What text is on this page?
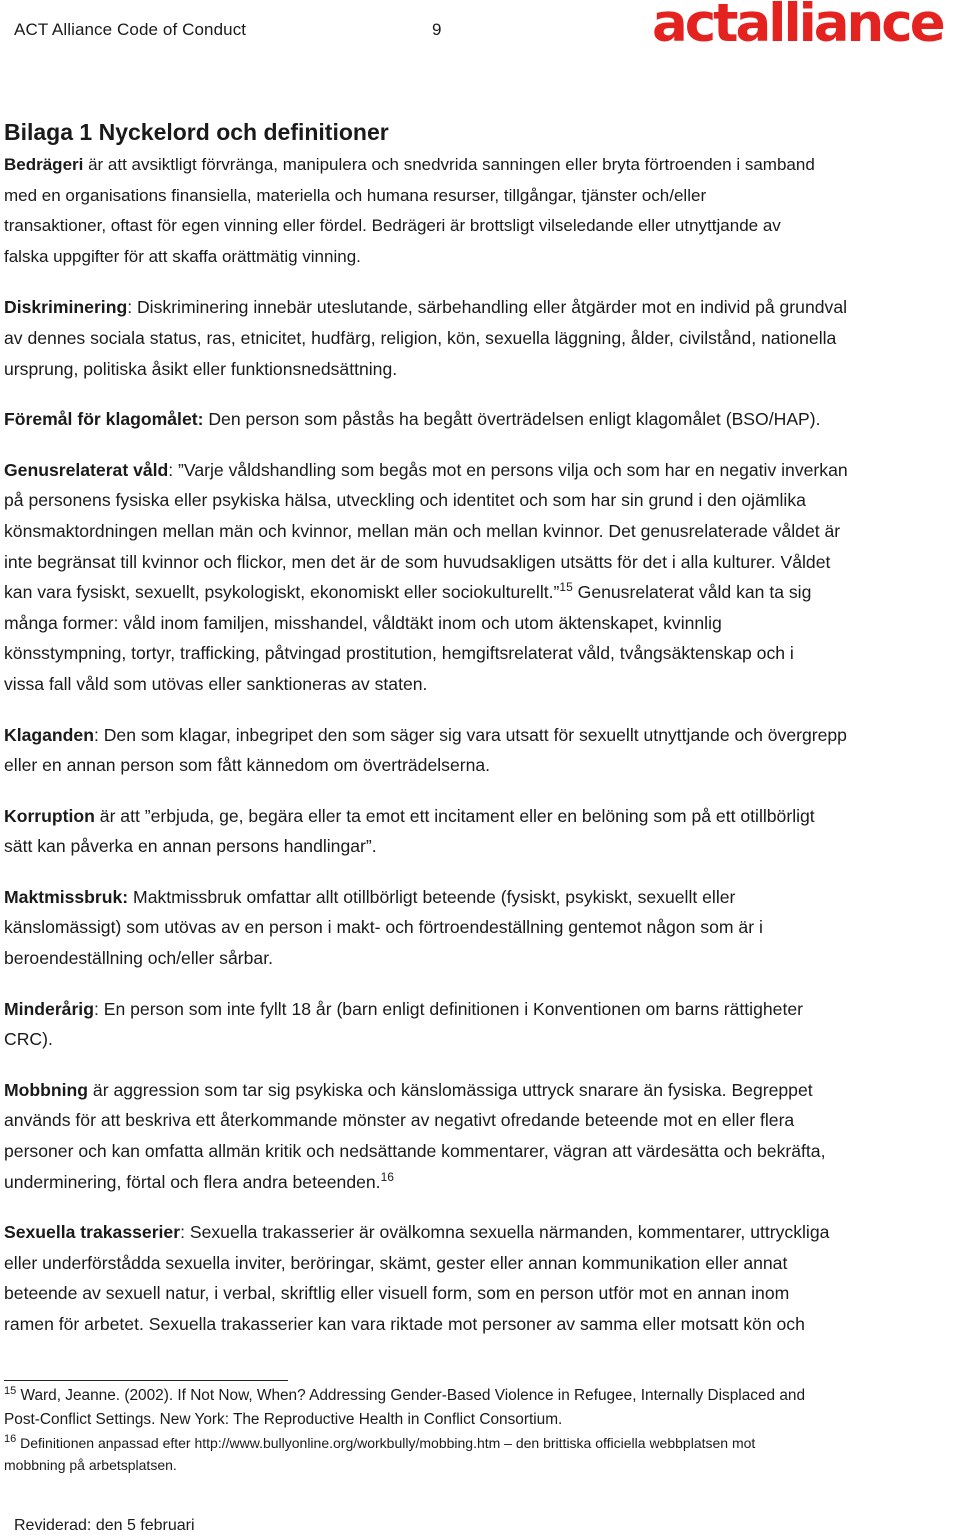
ACT Alliance Code of Conduct	9	actalliance
Bilaga 1 Nyckelord och definitioner

Bedrägeri är att avsiktligt förvränga, manipulera och snedvrida sanningen eller bryta förtroenden i samband
med en organisations finansiella, materiella och humana resurser, tillgångar, tjänster och/eller
transaktioner, oftast för egen vinning eller fördel. Bedrägeri är brottsligt vilseledande eller utnyttjande av
falska uppgifter för att skaffa orättmätig vinning.

Diskriminering: Diskriminering innebär uteslutande, särbehandling eller åtgärder mot en individ på grundval
av dennes sociala status, ras, etnicitet, hudfärg, religion, kön, sexuella läggning, ålder, civilstånd, nationella
ursprung, politiska åsikt eller funktionsnedsättning.

Föremål för klagomålet: Den person som påstås ha begått överträdelsen enligt klagomålet (BSO/HAP).

Genusrelaterat våld: ”Varje våldshandling som begås mot en persons vilja och som har en negativ inverkan
på personens fysiska eller psykiska hälsa, utveckling och identitet och som har sin grund i den ojämlika
könsmaktordningen mellan män och kvinnor, mellan män och mellan kvinnor. Det genusrelaterade våldet är
inte begränsat till kvinnor och flickor, men det är de som huvudsakligen utsätts för det i alla kulturer. Våldet
kan vara fysiskt, sexuellt, psykologiskt, ekonomiskt eller sociokulturellt.”$^{15}$ Genusrelaterat våld kan ta sig
många former: våld inom familjen, misshandel, våldtäkt inom och utom äktenskapet, kvinnlig
könsstympning, tortyr, trafficking, påtvingad prostitution, hemgiftsrelaterat våld, tvångsäktenskap och i
vissa fall våld som utövas eller sanktioneras av staten.

Klaganden: Den som klagar, inbegripet den som säger sig vara utsatt för sexuellt utnyttjande och övergrepp
eller en annan person som fått kännedom om överträdelserna.

Korruption är att ”erbjuda, ge, begära eller ta emot ett incitament eller en belöning som på ett otillbörligt
sätt kan påverka en annan persons handlingar”.

Maktmissbruk: Maktmissbruk omfattar allt otillbörligt beteende (fysiskt, psykiskt, sexuellt eller
känslomässigt) som utövas av en person i makt- och förtroendeställning gentemot någon som är i
beroendeställning och/eller sårbar.

Minderårig: En person som inte fyllt 18 år (barn enligt definitionen i Konventionen om barns rättigheter
CRC).

Mobbning är aggression som tar sig psykiska och känslomässiga uttryck snarare än fysiska. Begreppet
används för att beskriva ett återkommande mönster av negativt ofredande beteende mot en eller flera
personer och kan omfatta allmän kritik och nedsättande kommentarer, vägran att värdesätta och bekräfta,
underminering, förtal och flera andra beteenden.$^{16}$

Sexuella trakasserier: Sexuella trakasserier är ovälkomna sexuella närmanden, kommentarer, uttryckliga
eller underförstådda sexuella inviter, beröringar, skämt, gester eller annan kommunikation eller annat
beteende av sexuell natur, i verbal, skriftlig eller visuell form, som en person utför mot en annan inom
ramen för arbetet. Sexuella trakasserier kan vara riktade mot personer av samma eller motsatt kön och

$^{15}$ Ward, Jeanne. (2002). If Not Now, When? Addressing Gender-Based Violence in Refugee, Internally Displaced and
Post-Conflict Settings. New York: The Reproductive Health in Conflict Consortium.
$^{16}$ Definitionen anpassad efter http://www.bullyonline.org/workbully/mobbing.htm – den brittiska officiella webbplatsen mot
mobbning på arbetsplatsen.
Reviderad: den 5 februari
